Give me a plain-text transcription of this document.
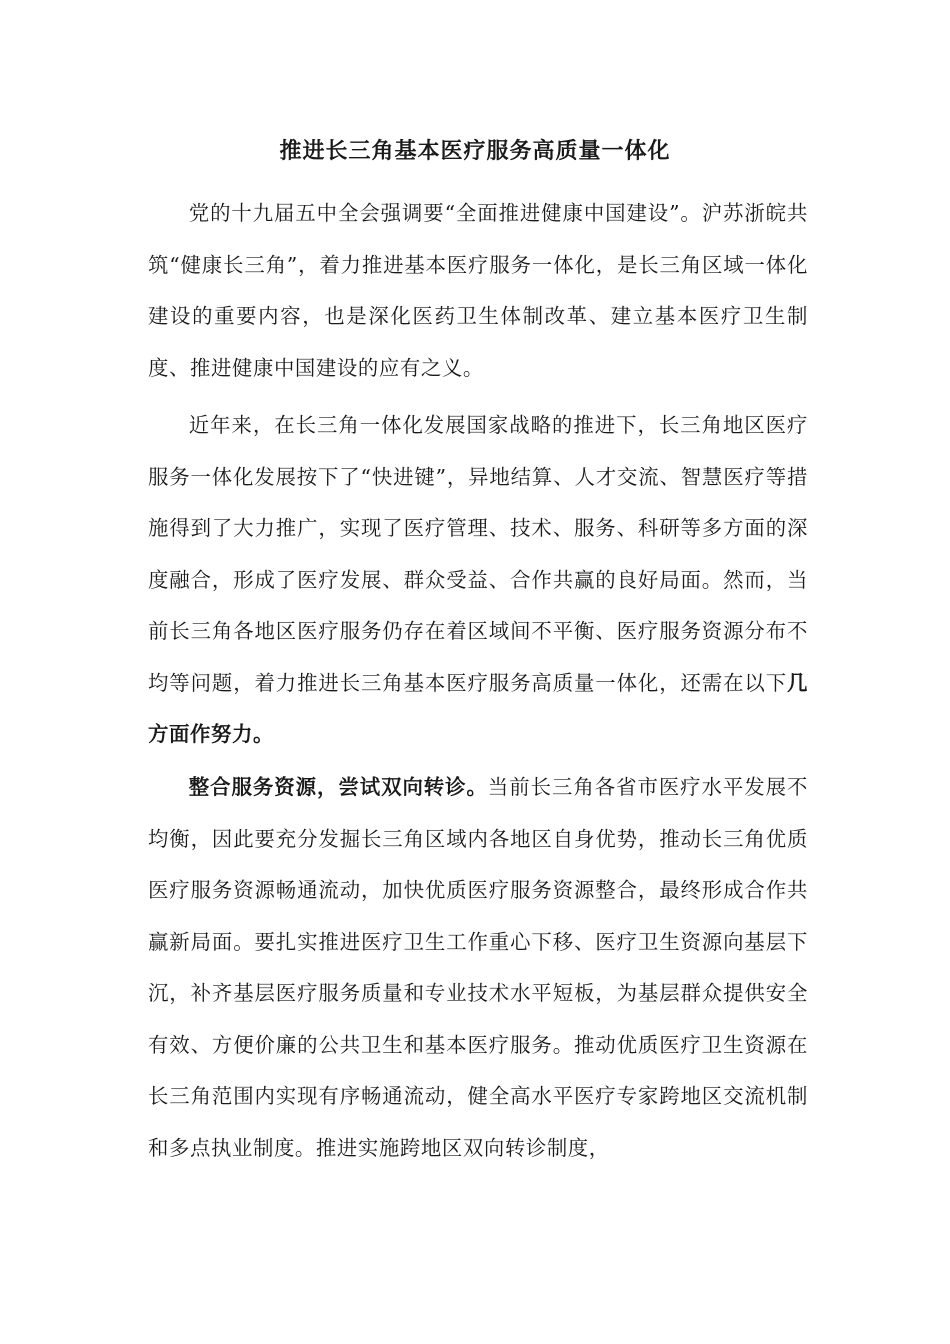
推进长三角基本医疗服务高质量一体化

党的十九届五中全会强调要“全面推进健康中国建设”。沪苏浙皖共筑“健康长三角”，着力推进基本医疗服务一体化，是长三角区域一体化建设的重要内容，也是深化医药卫生体制改革、建立基本医疗卫生制度、推进健康中国建设的应有之义。

近年来，在长三角一体化发展国家战略的推进下，长三角地区医疗服务一体化发展按下了“快进键”，异地结算、人才交流、智慧医疗等措施得到了大力推广，实现了医疗管理、技术、服务、科研等多方面的深度融合，形成了医疗发展、群众受益、合作共赢的良好局面。然而，当前长三角各地区医疗服务仍存在着区域间不平衡、医疗服务资源分布不均等问题，着力推进长三角基本医疗服务高质量一体化，还需在以下几方面作努力。

整合服务资源，尝试双向转诊。当前长三角各省市医疗水平发展不均衡，因此要充分发掘长三角区域内各地区自身优势，推动长三角优质医疗服务资源畅通流动，加快优质医疗服务资源整合，最终形成合作共赢新局面。要扎实推进医疗卫生工作重心下移、医疗卫生资源向基层下沉，补齐基层医疗服务质量和专业技术水平短板，为基层群众提供安全有效、方便价廉的公共卫生和基本医疗服务。推动优质医疗卫生资源在长三角范围内实现有序畅通流动，健全高水平医疗专家跨地区交流机制和多点执业制度。推进实施跨地区双向转诊制度，
